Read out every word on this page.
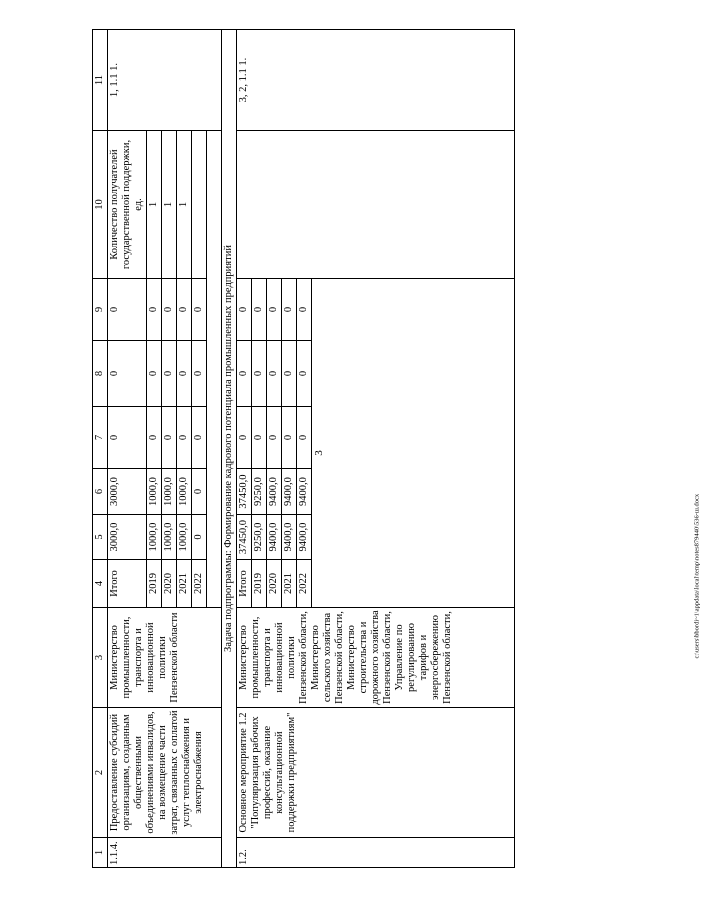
3
c:\users\bbordi~1\appdata\local\temp\notes879440\536-ш.docx
1	2	3	4	5	6	7	8	9	10	11
1.1.4.	Предоставление субсидий организациям, созданным общественными объединениями инвалидов, на возмещение части затрат, связанных с оплатой услуг теплоснабжения и электроснабжения	Министерство промышленности, транспорта и инновационной политики Пензенской области	Итого	3000,0	3000,0	0	0	0	Количество получателей государственной поддержки, ед.	1, 1.1 1.
			2019	1000,0	1000,0	0	0	0	1	
			2020	1000,0	1000,0	0	0	0	1	
			2021	1000,0	1000,0	0	0	0	1	
			2022	0	0	0	0	0		

Задача подпрограммы: Формирование кадрового потенциала промышленных предприятий										
1.2.	Основное мероприятие 1.2 "Популяризация рабочих профессий, оказание консультационной поддержки предприятиям"	Министерство промышленности, транспорта и инновационной политики Пензенской области, Министерство сельского хозяйства Пензенской области, Министерство строительства и дорожного хозяйства Пензенской области, Управление по регулированию тарифов и энергосбережению Пензенской области,	Итого	37450,0	37450,0	0	0	0		3, 2, 1.1 1.
			2019	9250,0	9250,0	0	0	0		
			2020	9400,0	9400,0	0	0	0		
			2021	9400,0	9400,0	0	0	0		
			2022	9400,0	9400,0	0	0	0		
